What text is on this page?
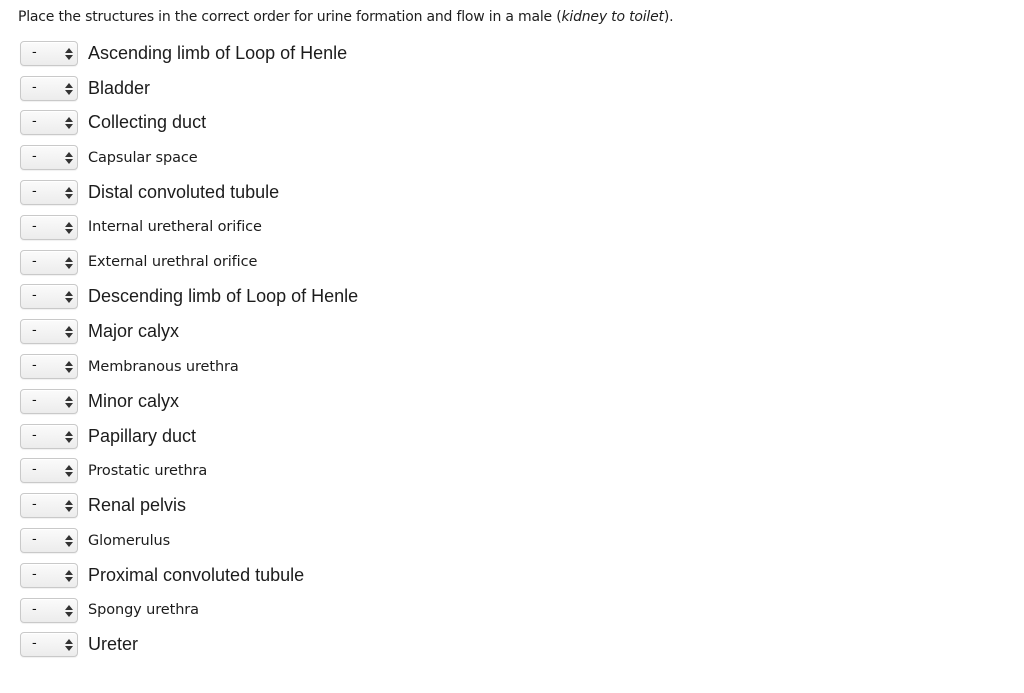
Place the structures in the correct order for urine formation and flow in a male (kidney to toilet).
-	Ascending limb of Loop of Henle
-	Bladder
-	Collecting duct
-	Capsular space
-	Distal convoluted tubule
-	Internal uretheral orifice
-	External urethral orifice
-	Descending limb of Loop of Henle
-	Major calyx
-	Membranous urethra
-	Minor calyx
-	Papillary duct
-	Prostatic urethra
-	Renal pelvis
-	Glomerulus
-	Proximal convoluted tubule
-	Spongy urethra
-	Ureter
